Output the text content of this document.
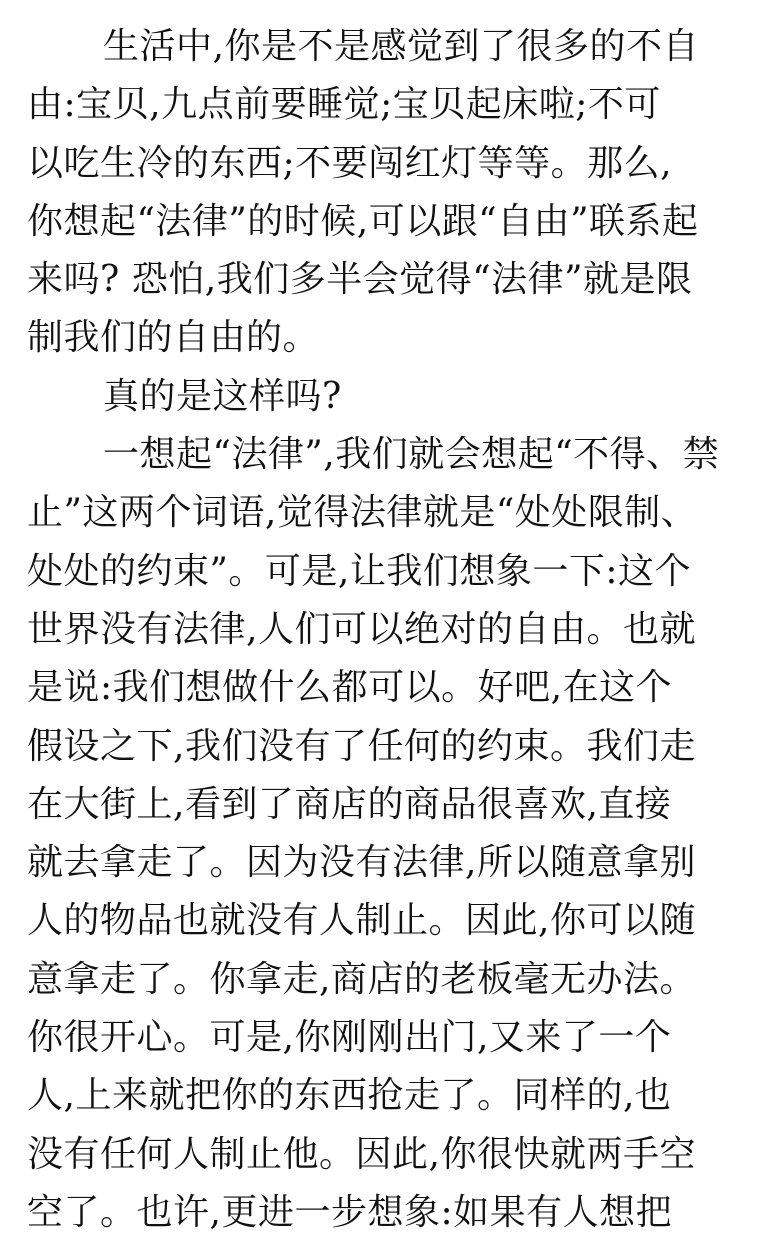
生活中,你是不是感觉到了很多的不自
由:宝贝,九点前要睡觉;宝贝起床啦;不可
以吃生冷的东西;不要闯红灯等等。那么,
你想起“法律”的时候,可以跟“自由”联系起
来吗? 恐怕,我们多半会觉得“法律”就是限
制我们的自由的。
真的是这样吗?
一想起“法律”,我们就会想起“不得、禁
止”这两个词语,觉得法律就是“处处限制、
处处的约束”。可是,让我们想象一下:这个
世界没有法律,人们可以绝对的自由。也就
是说:我们想做什么都可以。好吧,在这个
假设之下,我们没有了任何的约束。我们走
在大街上,看到了商店的商品很喜欢,直接
就去拿走了。因为没有法律,所以随意拿别
人的物品也就没有人制止。因此,你可以随
意拿走了。你拿走,商店的老板毫无办法。
你很开心。可是,你刚刚出门,又来了一个
人,上来就把你的东西抢走了。同样的,也
没有任何人制止他。因此,你很快就两手空
空了。也许,更进一步想象:如果有人想把
